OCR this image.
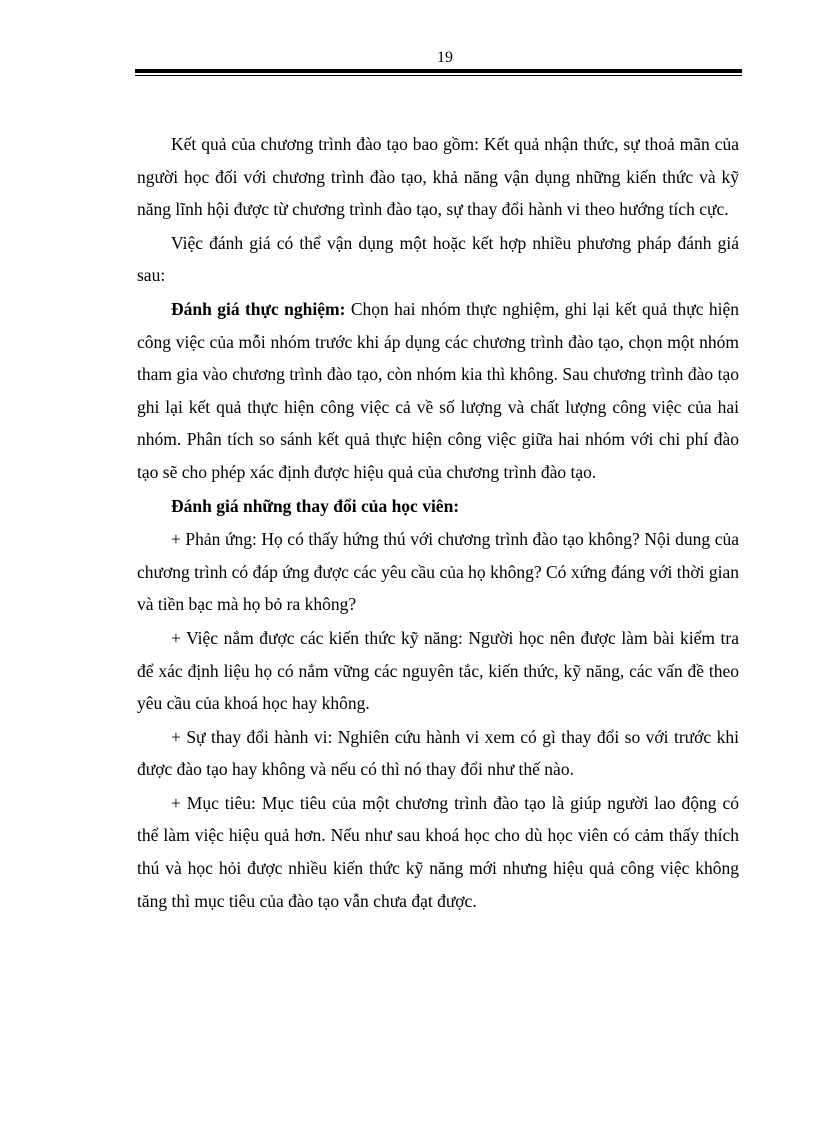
19

Kết quả của chương trình đào tạo bao gồm: Kết quả nhận thức, sự thoả mãn của người học đối với chương trình đào tạo, khả năng vận dụng những kiến thức và kỹ năng lĩnh hội được từ chương trình đào tạo, sự thay đổi hành vi theo hướng tích cực.

Việc đánh giá có thể vận dụng một hoặc kết hợp nhiều phương pháp đánh giá sau:

Đánh giá thực nghiệm: Chọn hai nhóm thực nghiệm, ghi lại kết quả thực hiện công việc của mỗi nhóm trước khi áp dụng các chương trình đào tạo, chọn một nhóm tham gia vào chương trình đào tạo, còn nhóm kia thì không. Sau chương trình đào tạo ghi lại kết quả thực hiện công việc cả về số lượng và chất lượng công việc của hai nhóm. Phân tích so sánh kết quả thực hiện công việc giữa hai nhóm với chi phí đào tạo sẽ cho phép xác định được hiệu quả của chương trình đào tạo.

Đánh giá những thay đổi của học viên:

+ Phản ứng: Họ có thấy hứng thú với chương trình đào tạo không? Nội dung của chương trình có đáp ứng được các yêu cầu của họ không? Có xứng đáng với thời gian và tiền bạc mà họ bỏ ra không?

+ Việc nắm được các kiến thức kỹ năng: Người học nên được làm bài kiểm tra để xác định liệu họ có nắm vững các nguyên tắc, kiến thức, kỹ năng, các vấn đề theo yêu cầu của khoá học hay không.

+ Sự thay đổi hành vi: Nghiên cứu hành vi xem có gì thay đổi so với trước khi được đào tạo hay không và nếu có thì nó thay đổi như thế nào.

+ Mục tiêu: Mục tiêu của một chương trình đào tạo là giúp người lao động có thể làm việc hiệu quả hơn. Nếu như sau khoá học cho dù học viên có cảm thấy thích thú và học hỏi được nhiều kiến thức kỹ năng mới nhưng hiệu quả công việc không tăng thì mục tiêu của đào tạo vẫn chưa đạt được.
